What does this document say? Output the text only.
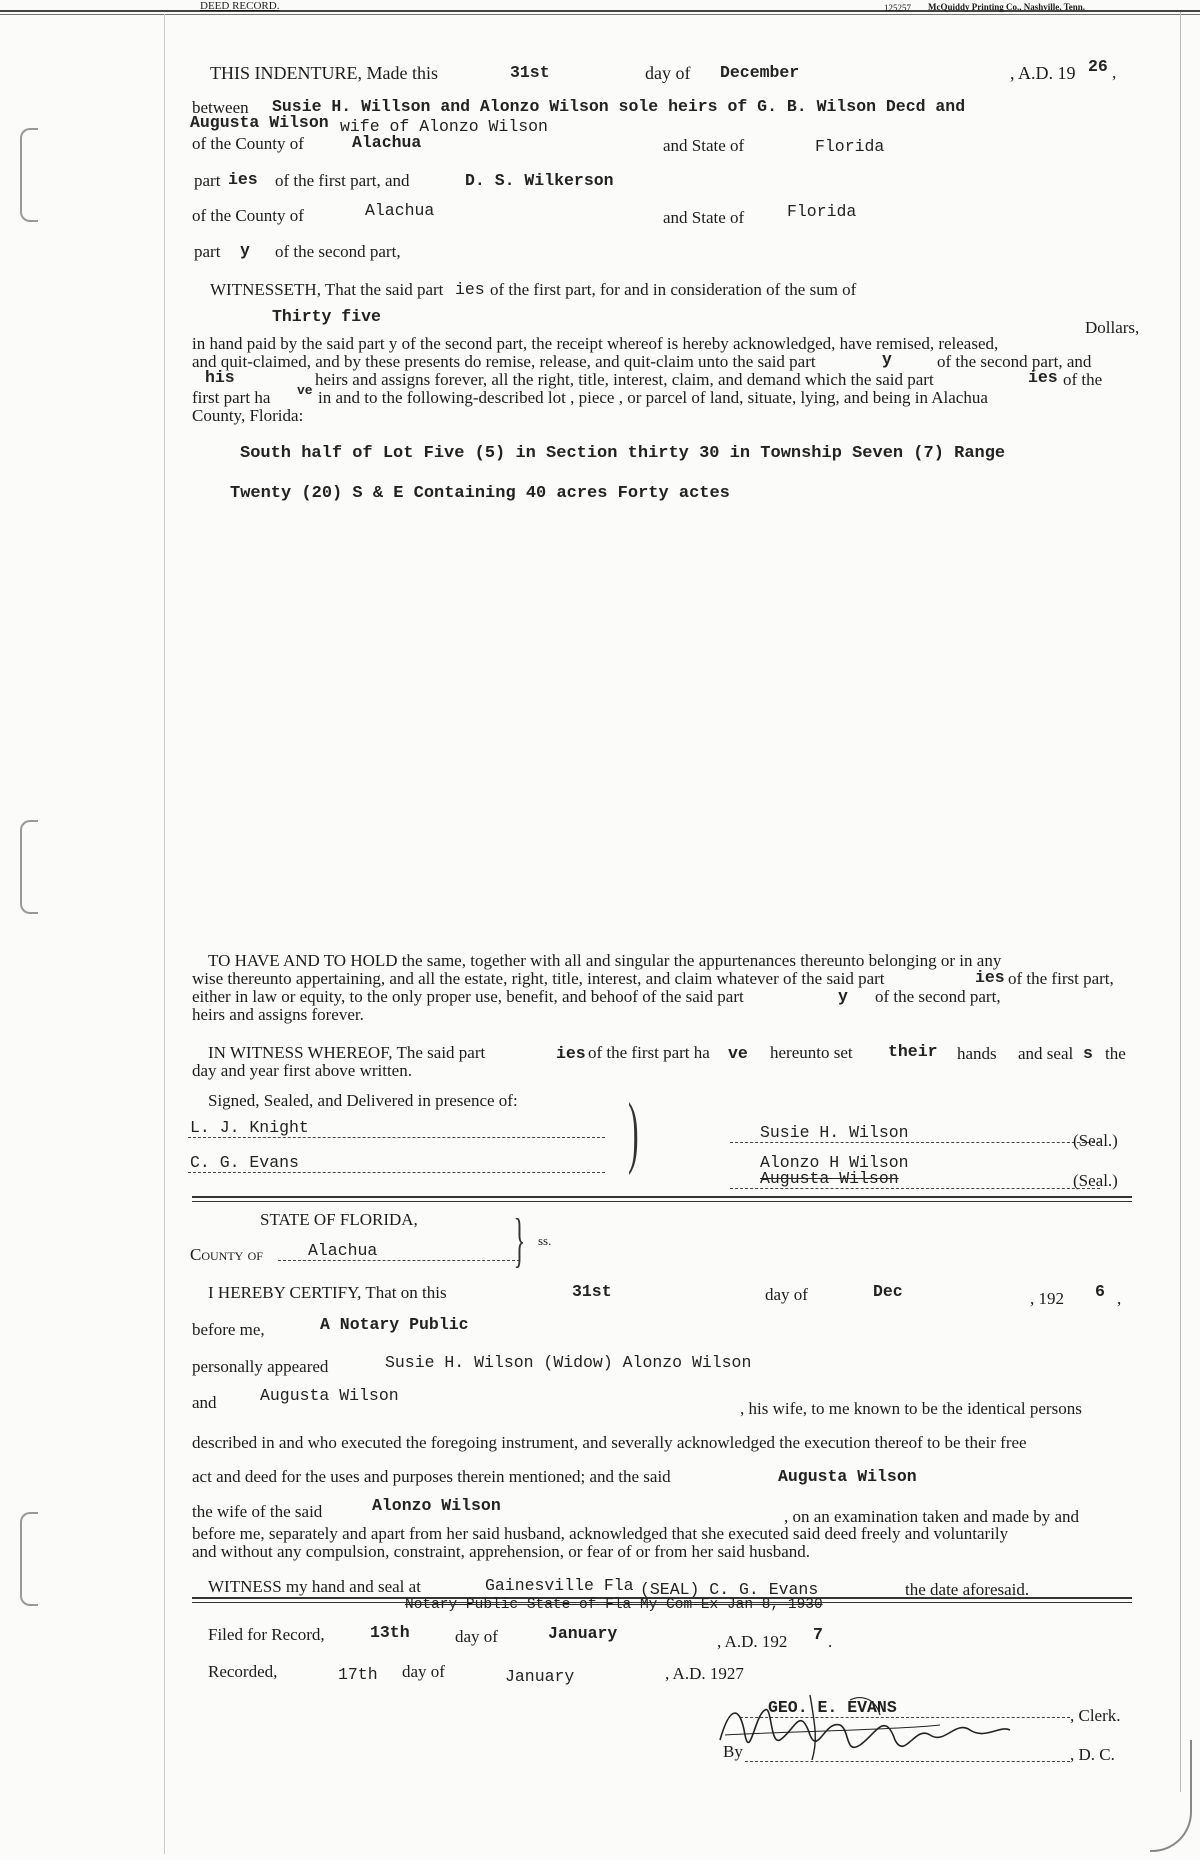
DEED RECORD.	125257 McQuiddy Printing Co., Nashville, Tenn.
THIS INDENTURE, Made this	31st	day of December	, A.D. 19 26 ,
between Susie H. Willson and Alonzo Wilson sole heirs of G. B. Wilson Decd and
Augusta Wilson wife of Alonzo Wilson
of the County of	Alachua	and State of	Florida
part ies of the first part, and	D. S. Wilkerson
of the County of	Alachua	and State of	Florida
part y of the second part,
WITNESSETH, That the said part ies of the first part, for and in consideration of the sum of
Thirty five
Dollars,
in hand paid by the said part y of the second part, the receipt whereof is hereby acknowledged, have remised, released,
and quit-claimed, and by these presents do remise, release, and quit-claim unto the said part	y	of the second part, and
his	heirs and assigns forever, all the right, title, interest, claim, and demand which the said part	ies of the
first part ha ve in and to the following-described lot , piece , or parcel of land, situate, lying, and being in Alachua
County, Florida:
South half of Lot Five (5) in Section thirty 30 in Township Seven (7) Range
Twenty (20) S & E Containing 40 acres Forty actes
TO HAVE AND TO HOLD the same, together with all and singular the appurtenances thereunto belonging or in any
wise thereunto appertaining, and all the estate, right, title, interest, and claim whatever of the said part	ies of the first part,
either in law or equity, to the only proper use, benefit, and behoof of the said part	y of the second part,
heirs and assigns forever.
IN WITNESS WHEREOF, The said part	ies of the first part ha ve hereunto set their hands and seal s the
day and year first above written.
Signed, Sealed, and Delivered in presence of:
L. J. Knight
C. G. Evans	)	Susie H. Wilson	(Seal.)
Alonzo H Wilson
Augusta Wilson	(Seal.)
STATE OF FLORIDA,
County of	Alachua	} ss.
I HEREBY CERTIFY, That on this	31st	day of	Dec	, 192 6 ,
before me,	A Notary Public
personally appeared	Susie H. Wilson (Widow) Alonzo Wilson
and	Augusta Wilson
, his wife, to me known to be the identical persons
described in and who executed the foregoing instrument, and severally acknowledged the execution thereof to be their free
act and deed for the uses and purposes therein mentioned; and the said	Augusta Wilson
the wife of the said	Alonzo Wilson
, on an examination taken and made by and
before me, separately and apart from her said husband, acknowledged that she executed said deed freely and voluntarily
and without any compulsion, constraint, apprehension, or fear of or from her said husband.
WITNESS my hand and seal at	Gainesville Fla (SEAL) C. G. Evans	the date aforesaid.
Notary Public State of Fla My Com Ex Jan 8, 1930
Filed for Record,	13th	day of	January	, A.D. 192 7 .
Recorded,	17th day of	January	, A.D. 1927
GEO. E. EVANS	, Clerk.
By	, D. C.
